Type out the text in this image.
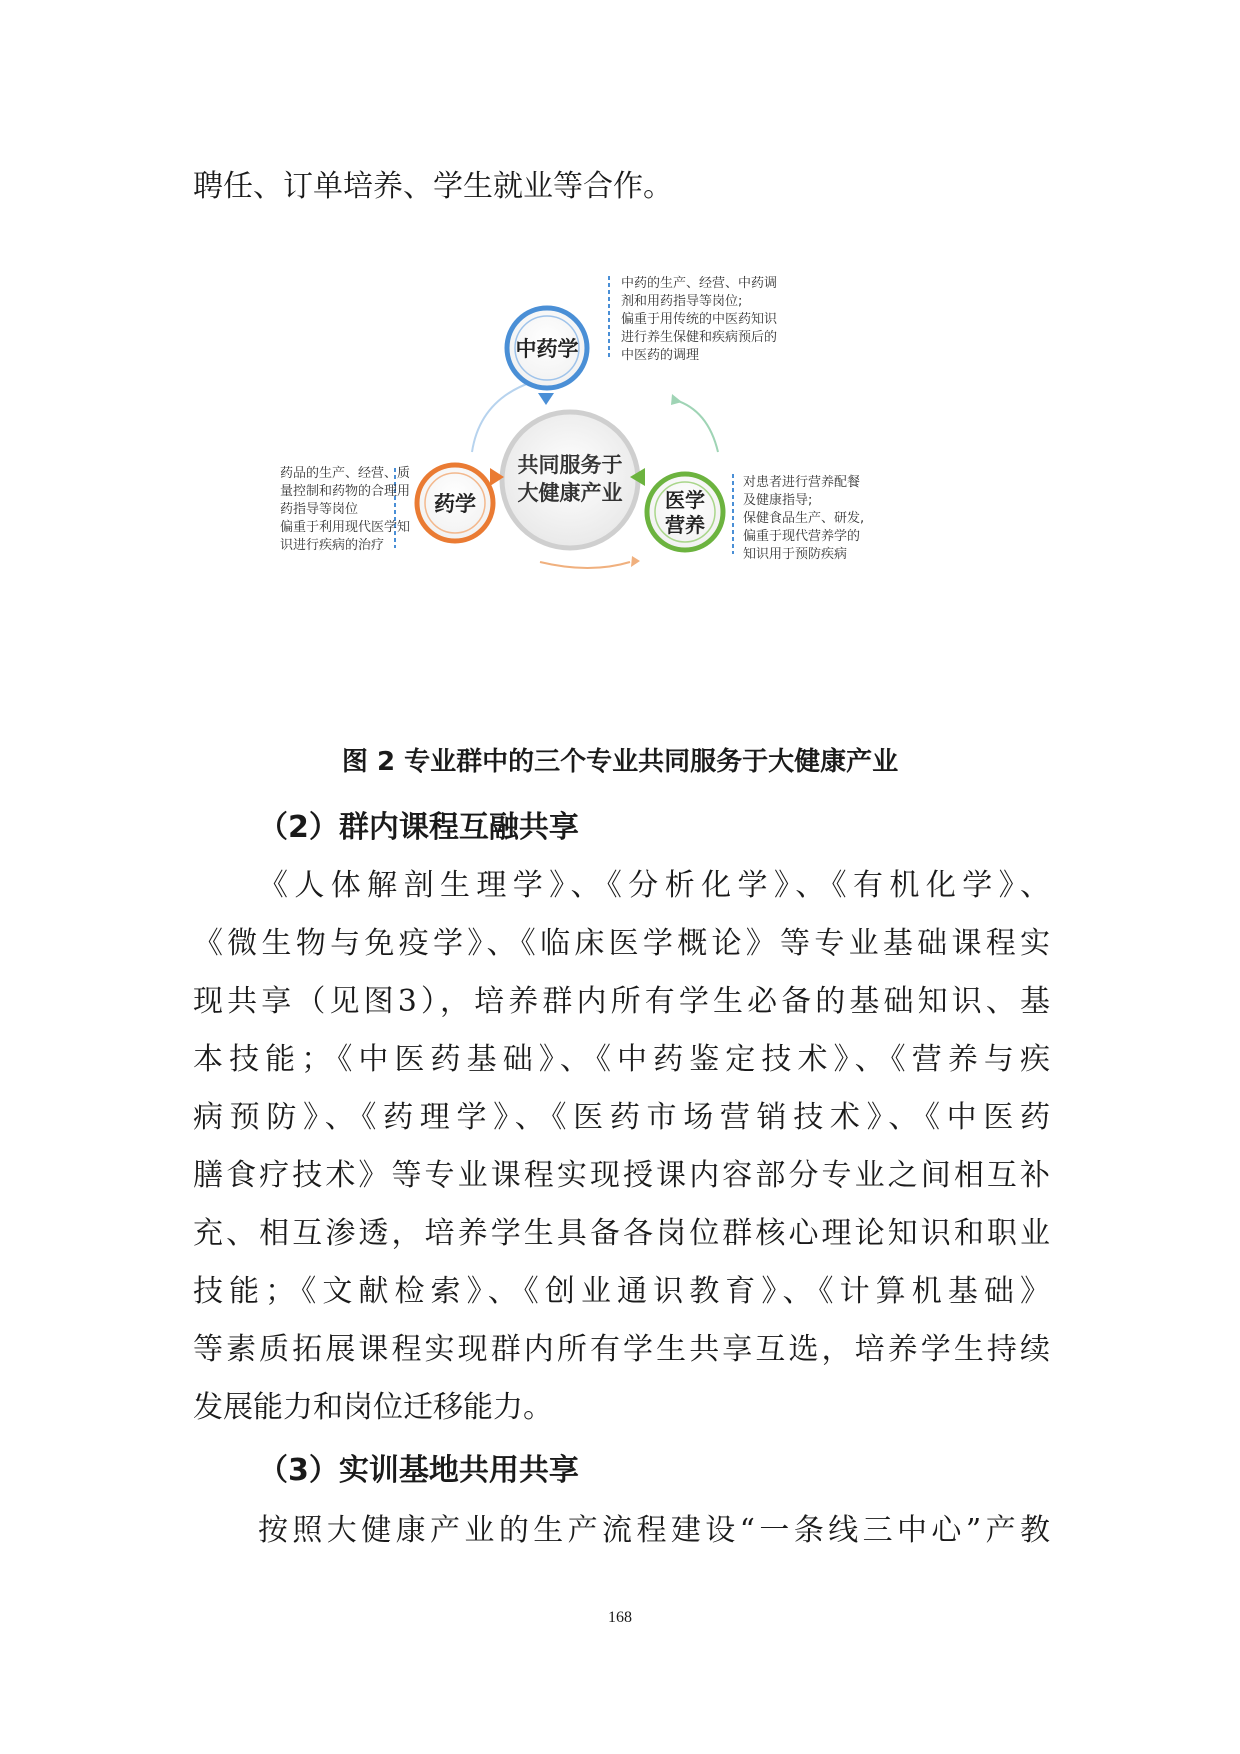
聘任、订单培养、学生就业等合作。

共同服务于
大健康产业
中药学
药学	医学
营养
中药的生产、经营、中药调
剂和用药指导等岗位;
偏重于用传统的中医药知识
进行养生保健和疾病预后的
中医药的调理
药品的生产、经营、质
量控制和药物的合理用
药指导等岗位
偏重于利用现代医学知
识进行疾病的治疗
对患者进行营养配餐
及健康指导;
保健食品生产、研发,
偏重于现代营养学的
知识用于预防疾病

图 2 专业群中的三个专业共同服务于大健康产业

（2）群内课程互融共享

《人体解剖生理学》、《分析化学》、《有机化学》、

《微生物与免疫学》、《临床医学概论》等专业基础课程实

现共享（见图3），培养群内所有学生必备的基础知识、基

本技能；《中医药基础》、《中药鉴定技术》、《营养与疾

病预防》、《药理学》、《医药市场营销技术》、《中医药

膳食疗技术》等专业课程实现授课内容部分专业之间相互补

充、相互渗透，培养学生具备各岗位群核心理论知识和职业

技能；《文献检索》、《创业通识教育》、《计算机基础》

等素质拓展课程实现群内所有学生共享互选，培养学生持续

发展能力和岗位迁移能力。

（3）实训基地共用共享

按照大健康产业的生产流程建设“一条线三中心”产教

168
